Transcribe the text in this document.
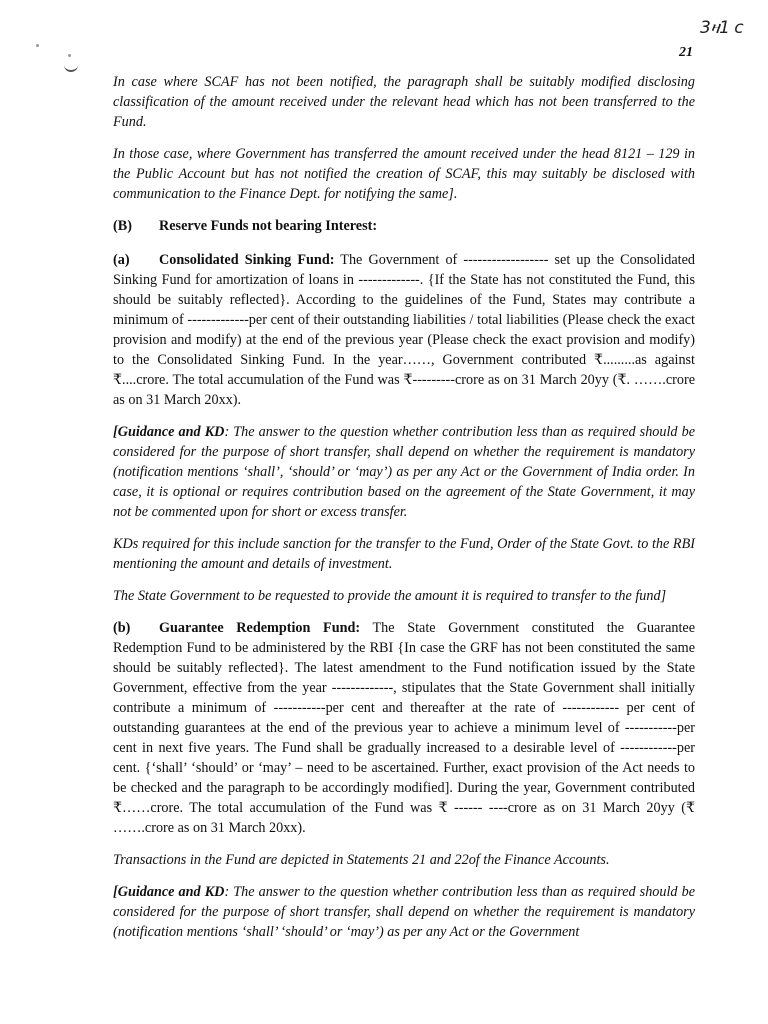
3ዛ1 c
21

In case where SCAF has not been notified, the paragraph shall be suitably modified disclosing classification of the amount received under the relevant head which has not been transferred to the Fund.

In those case, where Government has transferred the amount received under the head 8121 – 129 in the Public Account but has not notified the creation of SCAF, this may suitably be disclosed with communication to the Finance Dept. for notifying the same].

(B) Reserve Funds not bearing Interest:

(a) Consolidated Sinking Fund: The Government of ------------------ set up the Consolidated Sinking Fund for amortization of loans in -------------. {If the State has not constituted the Fund, this should be suitably reflected}. According to the guidelines of the Fund, States may contribute a minimum of -------------per cent of their outstanding liabilities / total liabilities (Please check the exact provision and modify) at the end of the previous year (Please check the exact provision and modify) to the Consolidated Sinking Fund. In the year……, Government contributed ₹.........as against ₹....crore. The total accumulation of the Fund was ₹---------crore as on 31 March 20yy (₹. …….crore as on 31 March 20xx).

[Guidance and KD: The answer to the question whether contribution less than as required should be considered for the purpose of short transfer, shall depend on whether the requirement is mandatory (notification mentions ‘shall’, ‘should’ or ‘may’) as per any Act or the Government of India order. In case, it is optional or requires contribution based on the agreement of the State Government, it may not be commented upon for short or excess transfer.

KDs required for this include sanction for the transfer to the Fund, Order of the State Govt. to the RBI mentioning the amount and details of investment.

The State Government to be requested to provide the amount it is required to transfer to the fund]

(b) Guarantee Redemption Fund: The State Government constituted the Guarantee Redemption Fund to be administered by the RBI {In case the GRF has not been constituted the same should be suitably reflected}. The latest amendment to the Fund notification issued by the State Government, effective from the year -------------, stipulates that the State Government shall initially contribute a minimum of -----------per cent and thereafter at the rate of ------------ per cent of outstanding guarantees at the end of the previous year to achieve a minimum level of -----------per cent in next five years. The Fund shall be gradually increased to a desirable level of ------------per cent. {‘shall’ ‘should’ or ‘may’ – need to be ascertained. Further, exact provision of the Act needs to be checked and the paragraph to be accordingly modified]. During the year, Government contributed ₹……crore. The total accumulation of the Fund was ₹ ------ ----crore as on 31 March 20yy (₹ …….crore as on 31 March 20xx).

Transactions in the Fund are depicted in Statements 21 and 22of the Finance Accounts.

[Guidance and KD: The answer to the question whether contribution less than as required should be considered for the purpose of short transfer, shall depend on whether the requirement is mandatory (notification mentions ‘shall’ ‘should’ or ‘may’) as per any Act or the Government
